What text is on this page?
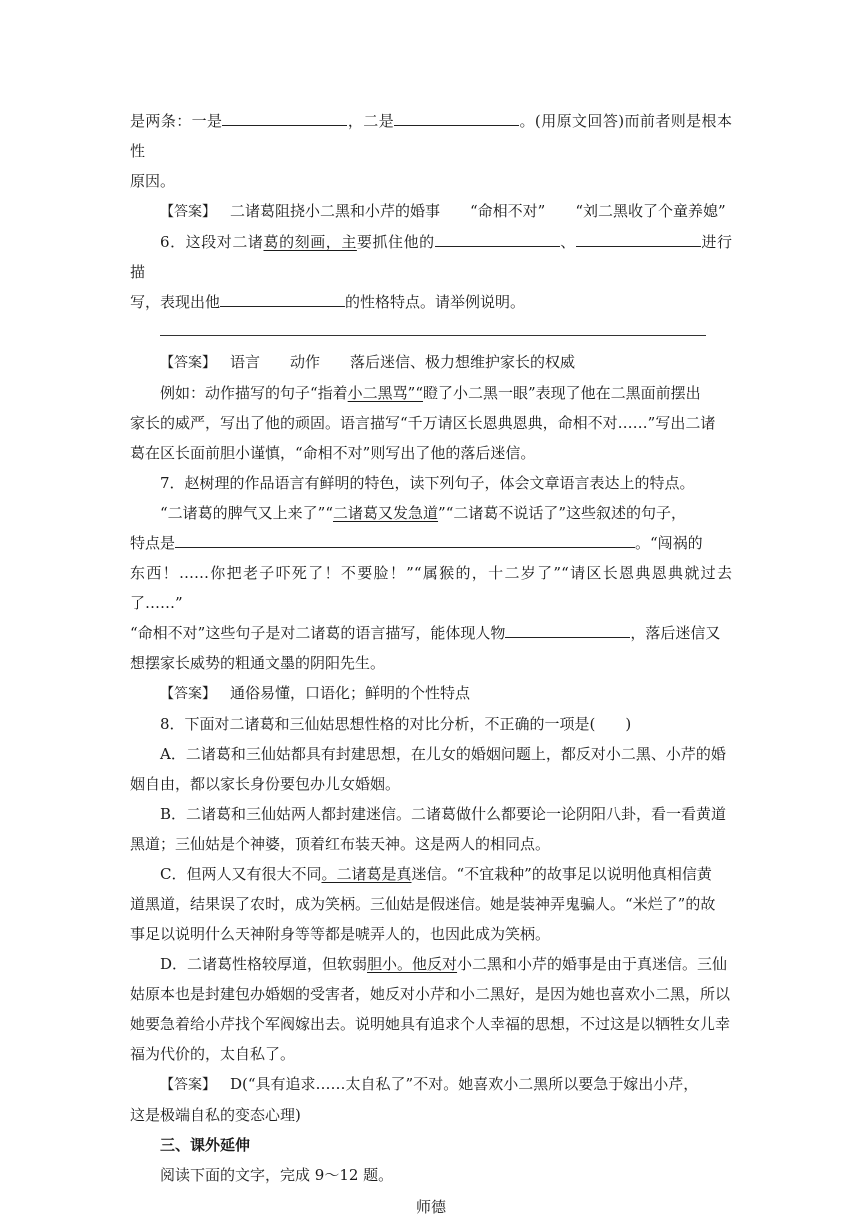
是两条：一是	，二是	。(用原文回答)而前者则是根本性

原因。

【答案】 二诸葛阻挠小二黑和小芹的婚事 “命相不对” “刘二黑收了个童养媳”

6．这段对二诸葛的刻画，主要抓住他的	、	进行描

写，表现出他	的性格特点。请举例说明。

【答案】 语言 动作 落后迷信、极力想维护家长的权威

例如：动作描写的句子“指着小二黑骂”“瞪了小二黑一眼”表现了他在二黑面前摆出

家长的威严，写出了他的顽固。语言描写“千万请区长恩典恩典，命相不对……”写出二诸

葛在区长面前胆小谨慎，“命相不对”则写出了他的落后迷信。

7．赵树理的作品语言有鲜明的特色，读下列句子，体会文章语言表达上的特点。

“二诸葛的脾气又上来了”“二诸葛又发急道”“二诸葛不说话了”这些叙述的句子，

特点是	。“闯祸的

东西！……你把老子吓死了！不要脸！”“属猴的，十二岁了”“请区长恩典恩典就过去了……”

“命相不对”这些句子是对二诸葛的语言描写，能体现人物	，落后迷信又

想摆家长威势的粗通文墨的阴阳先生。

【答案】 通俗易懂，口语化；鲜明的个性特点

8．下面对二诸葛和三仙姑思想性格的对比分析，不正确的一项是(　　)

A．二诸葛和三仙姑都具有封建思想，在儿女的婚姻问题上，都反对小二黑、小芹的婚

姻自由，都以家长身份要包办儿女婚姻。

B．二诸葛和三仙姑两人都封建迷信。二诸葛做什么都要论一论阴阳八卦，看一看黄道

黑道；三仙姑是个神婆，顶着红布装天神。这是两人的相同点。

C．但两人又有很大不同。二诸葛是真迷信。“不宜栽种”的故事足以说明他真相信黄

道黑道，结果误了农时，成为笑柄。三仙姑是假迷信。她是装神弄鬼骗人。“米烂了”的故

事足以说明什么天神附身等等都是唬弄人的，也因此成为笑柄。

D．二诸葛性格较厚道，但软弱胆小。他反对小二黑和小芹的婚事是由于真迷信。三仙

姑原本也是封建包办婚姻的受害者，她反对小芹和小二黑好，是因为她也喜欢小二黑，所以

她要急着给小芹找个军阀嫁出去。说明她具有追求个人幸福的思想，不过这是以牺牲女儿幸

福为代价的，太自私了。

【答案】 D(“具有追求……太自私了”不对。她喜欢小二黑所以要急于嫁出小芹，

这是极端自私的变态心理)

三、课外延伸

阅读下面的文字，完成 9～12 题。

师德
